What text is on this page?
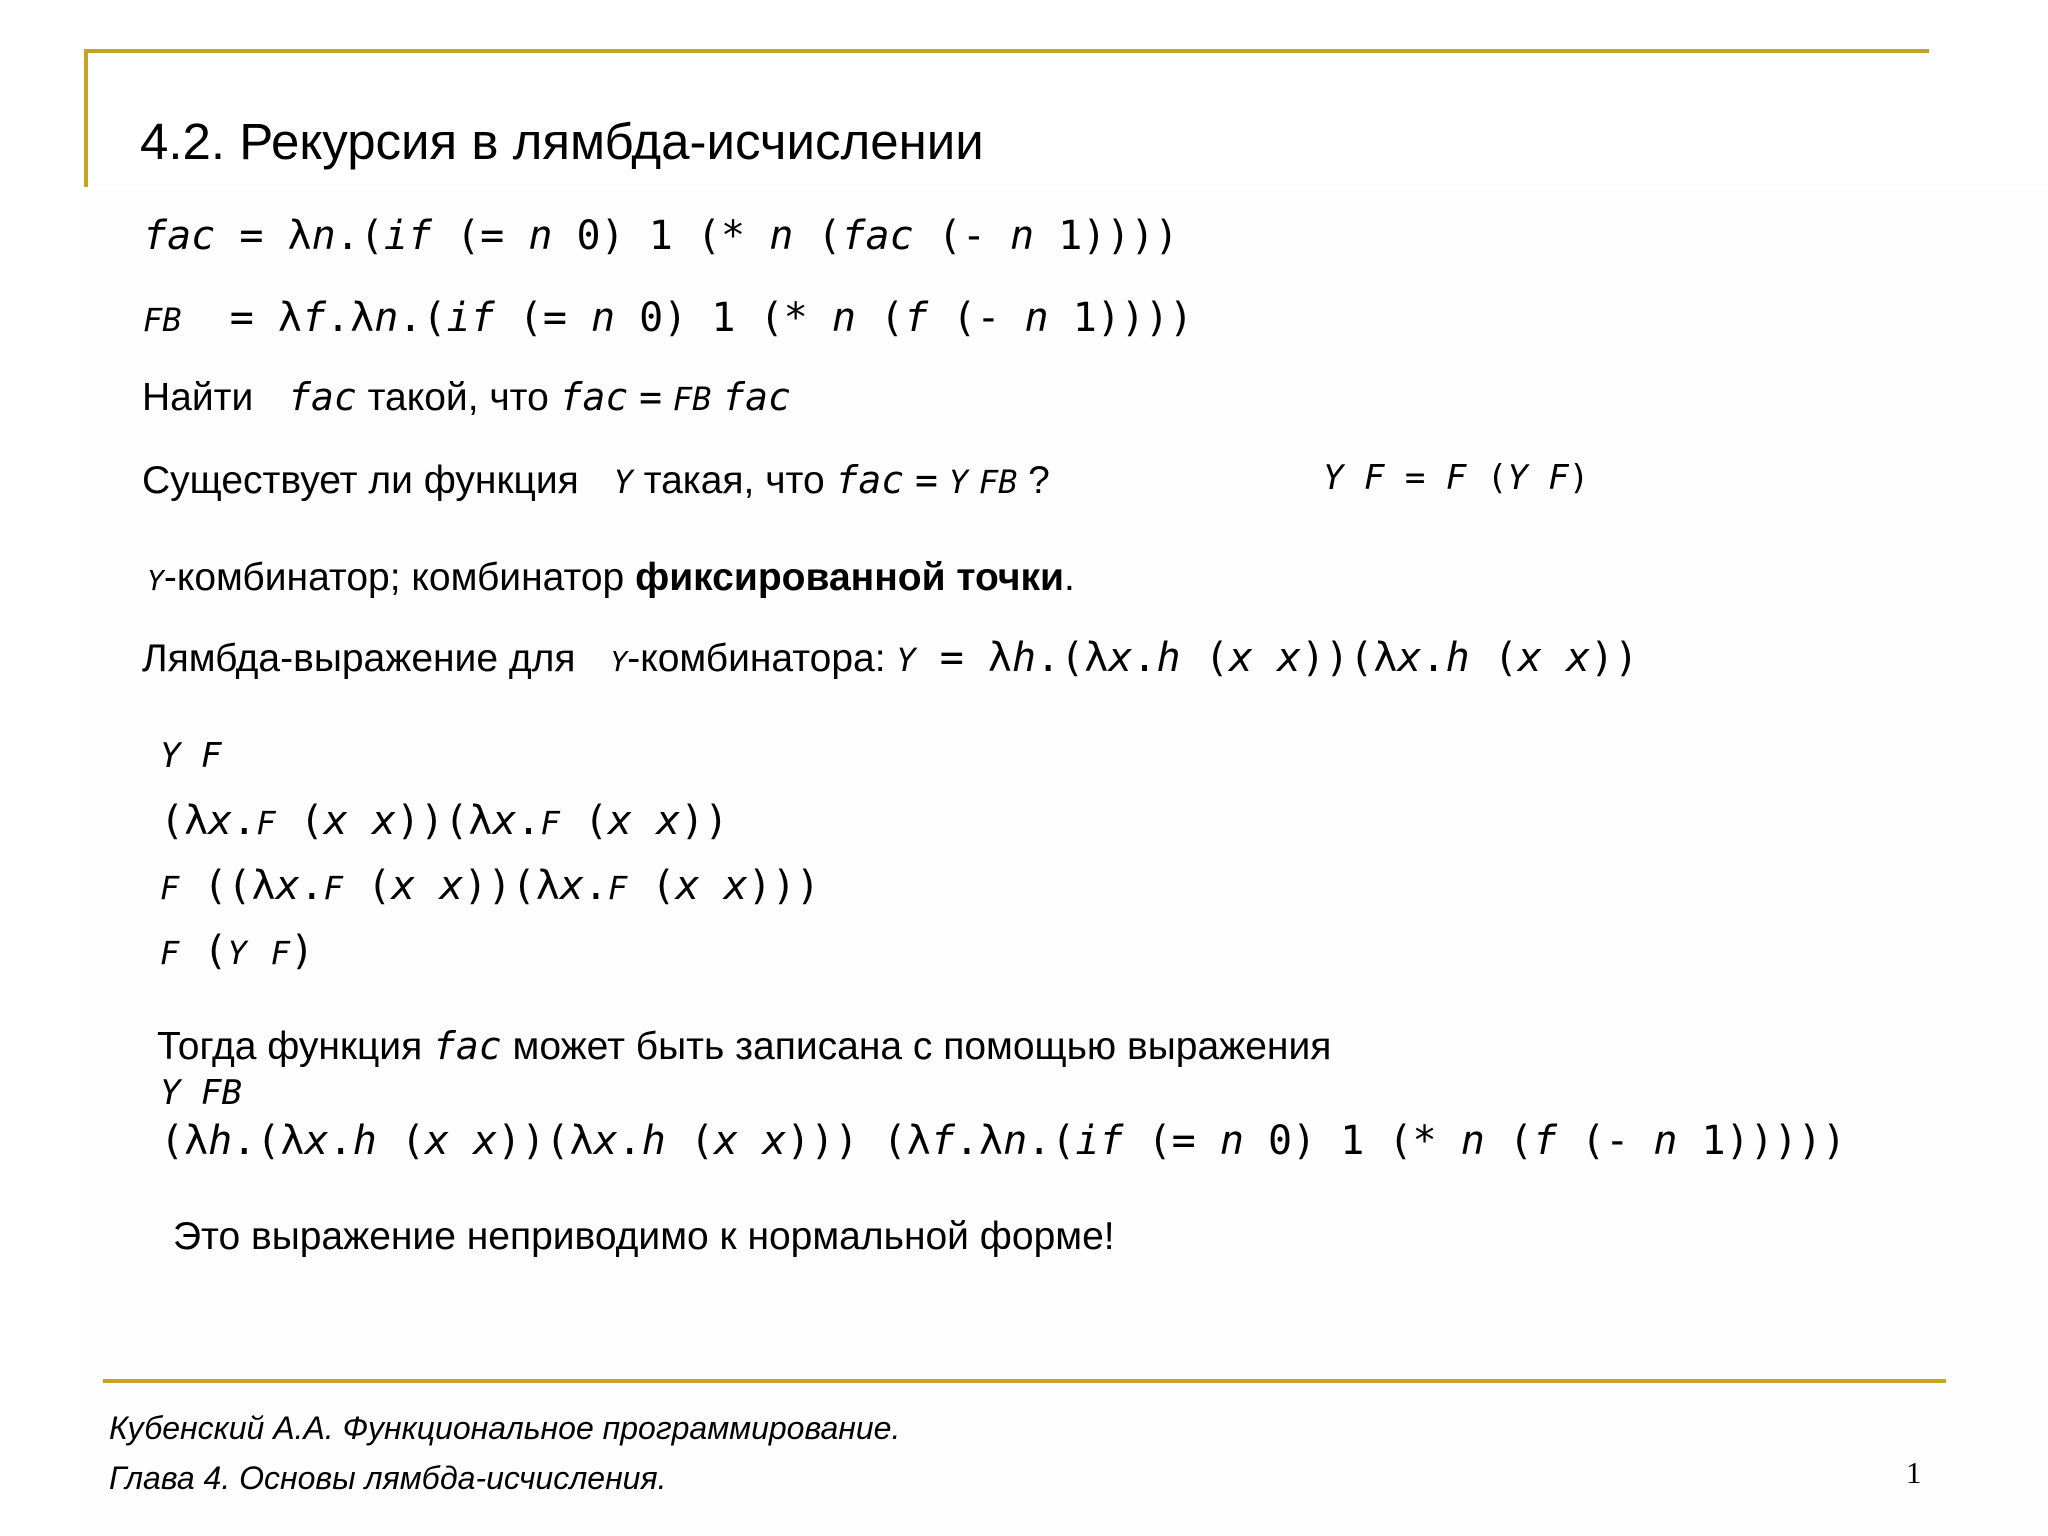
4.2. Рекурсия в лямбда-исчислении
fac = λn.(if (= n 0) 1 (* n (fac (- n 1))))
FB  = λf.λn.(if (= n 0) 1 (* n (f (- n 1))))
Найти fac такой, что fac = FB fac
Существует ли функция Y такая, что fac = Y FB ?	Y F = F (Y F)
Y-комбинатор; комбинатор фиксированной точки.
Лямбда-выражение для Y-комбинатора: Y = λh.(λx.h (x x))(λx.h (x x))
Y F
(λx.F (x x))(λx.F (x x))
F ((λx.F (x x))(λx.F (x x)))
F (Y F)
Тогда функция fac может быть записана с помощью выражения
Y FB
(λh.(λx.h (x x))(λx.h (x x))) (λf.λn.(if (= n 0) 1 (* n (f (- n 1)))))
Это выражение неприводимо к нормальной форме!
Кубенский А.А. Функциональное программирование.
Глава 4. Основы лямбда-исчисления.	1
